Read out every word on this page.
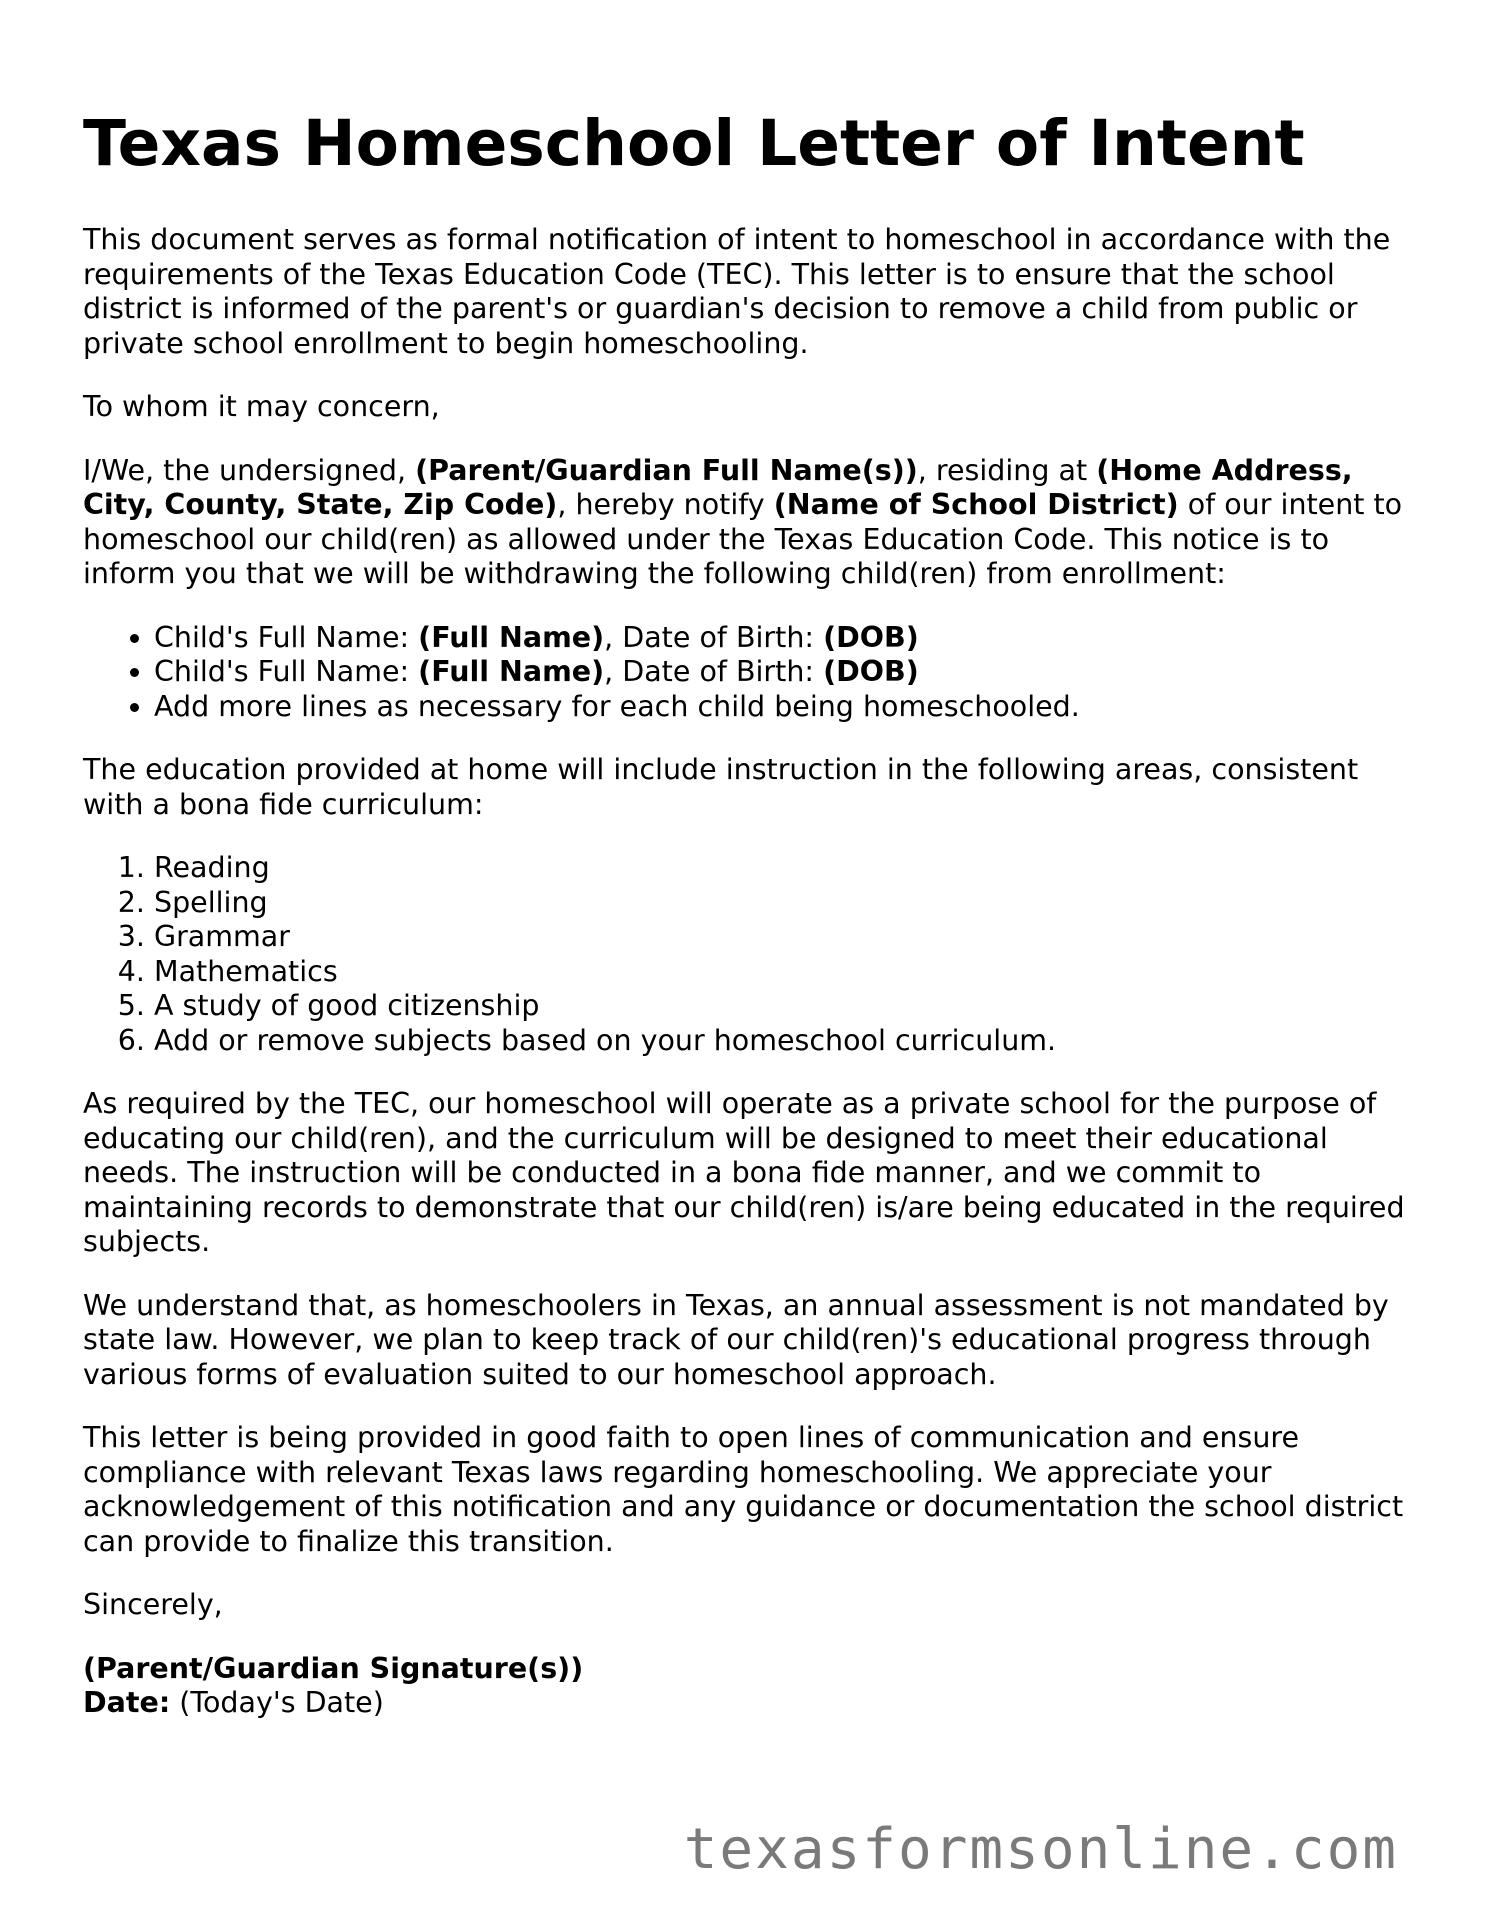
Texas Homeschool Letter of Intent

This document serves as formal notification of intent to homeschool in accordance with the requirements of the Texas Education Code (TEC). This letter is to ensure that the school district is informed of the parent's or guardian's decision to remove a child from public or private school enrollment to begin homeschooling.

To whom it may concern,

I/We, the undersigned, (Parent/Guardian Full Name(s)), residing at (Home Address, City, County, State, Zip Code), hereby notify (Name of School District) of our intent to homeschool our child(ren) as allowed under the Texas Education Code. This notice is to inform you that we will be withdrawing the following child(ren) from enrollment:

• Child's Full Name: (Full Name), Date of Birth: (DOB)
• Child's Full Name: (Full Name), Date of Birth: (DOB)
• Add more lines as necessary for each child being homeschooled.

The education provided at home will include instruction in the following areas, consistent with a bona fide curriculum:

1. Reading
2. Spelling
3. Grammar
4. Mathematics
5. A study of good citizenship
6. Add or remove subjects based on your homeschool curriculum.

As required by the TEC, our homeschool will operate as a private school for the purpose of educating our child(ren), and the curriculum will be designed to meet their educational needs. The instruction will be conducted in a bona fide manner, and we commit to maintaining records to demonstrate that our child(ren) is/are being educated in the required subjects.

We understand that, as homeschoolers in Texas, an annual assessment is not mandated by state law. However, we plan to keep track of our child(ren)'s educational progress through various forms of evaluation suited to our homeschool approach.

This letter is being provided in good faith to open lines of communication and ensure compliance with relevant Texas laws regarding homeschooling. We appreciate your acknowledgement of this notification and any guidance or documentation the school district can provide to finalize this transition.

Sincerely,

(Parent/Guardian Signature(s))
Date: (Today's Date)

texasformsonline.com
